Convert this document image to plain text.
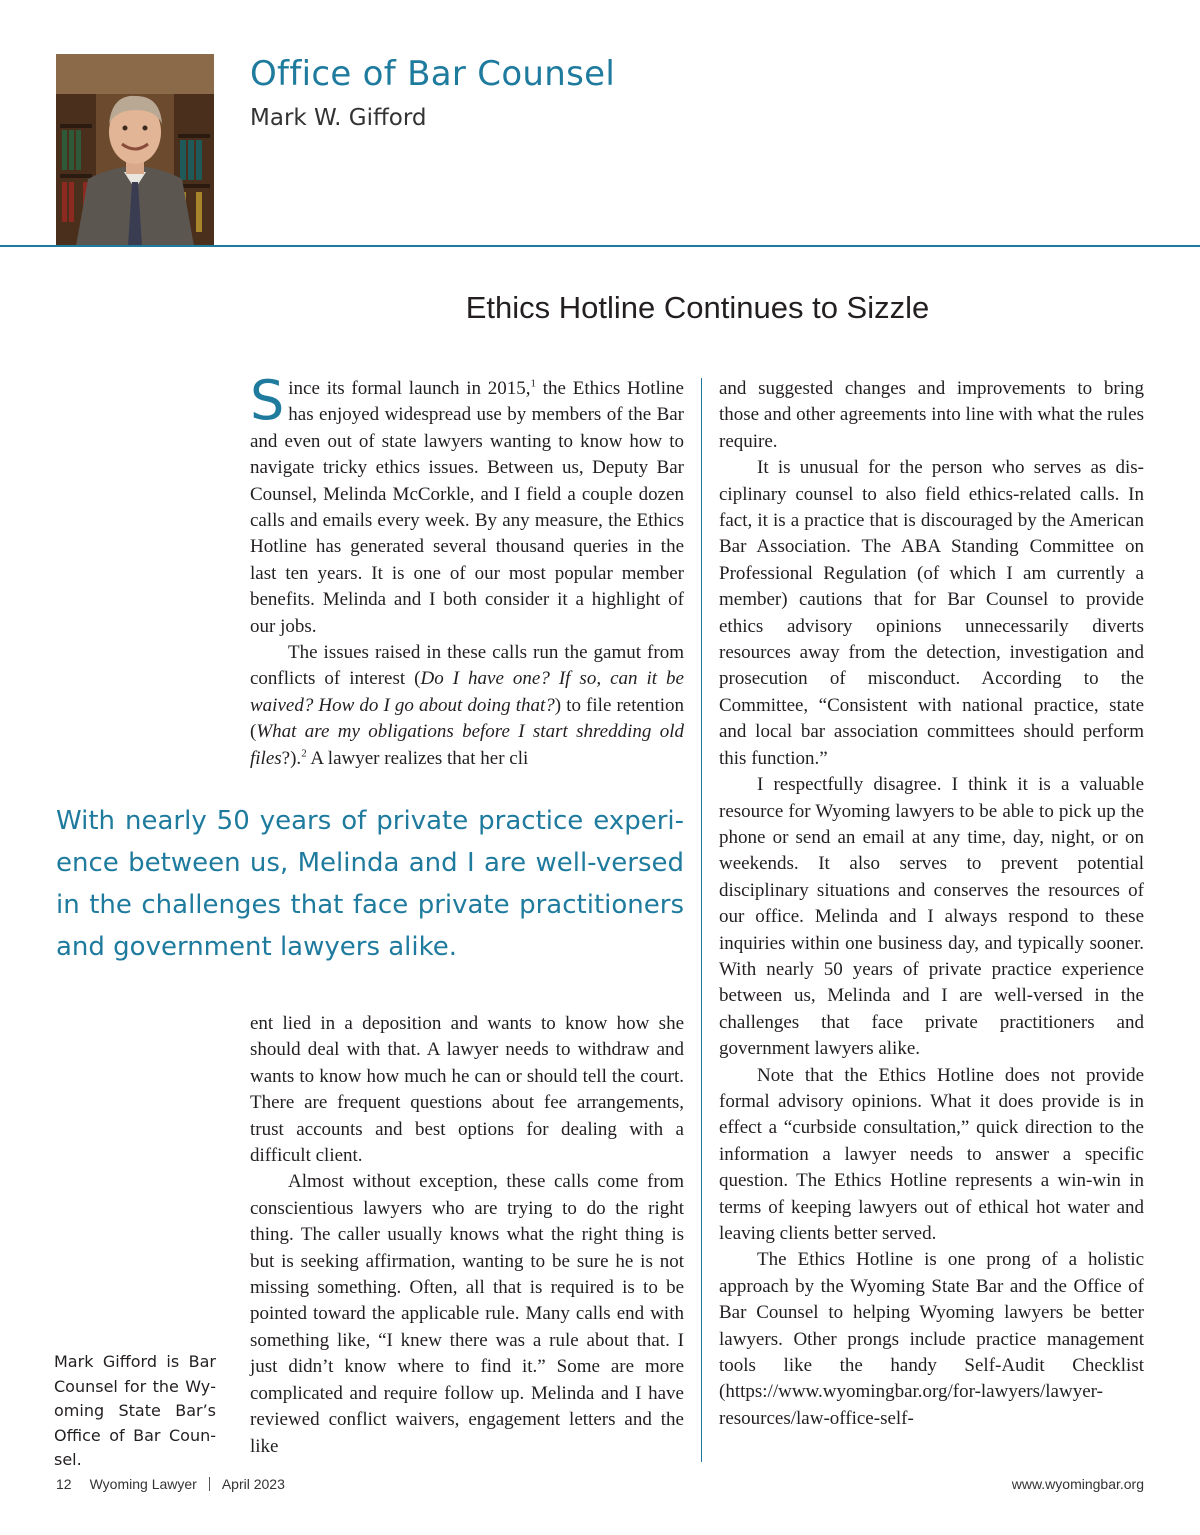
Office of Bar Counsel
Mark W. Gifford
Ethics Hotline Continues to Sizzle

Since its formal launch in 2015,$^1$ the Ethics Hotline has enjoyed widespread use by members of the Bar and even out of state lawyers wanting to know how to navigate tricky ethics issues. Between us, Deputy Bar Counsel, Melinda McCorkle, and I field a couple dozen calls and emails every week. By any measure, the Ethics Hotline has generated several thousand queries in the last ten years. It is one of our most popular member benefits. Melinda and I both consider it a highlight of our jobs.

The issues raised in these calls run the gamut from conflicts of interest (Do I have one? If so, can it be waived? How do I go about doing that?) to file retention (What are my obligations before I start shredding old files?).$^2$ A lawyer realizes that her cli

With nearly 50 years of private practice experience between us, Melinda and I are well-versed in the challenges that face private practitioners and government lawyers alike.

ent lied in a deposition and wants to know how she should deal with that. A lawyer needs to withdraw and wants to know how much he can or should tell the court. There are frequent questions about fee arrangements, trust accounts and best options for dealing with a difficult client.

Almost without exception, these calls come from conscientious lawyers who are trying to do the right thing. The caller usually knows what the right thing is but is seeking affirmation, wanting to be sure he is not missing something. Often, all that is required is to be pointed toward the applicable rule. Many calls end with something like, “I knew there was a rule about that. I just didn’t know where to find it.” Some are more complicated and require follow up. Melinda and I have reviewed conflict waivers, engagement letters and the like

and suggested changes and improvements to bring those and other agreements into line with what the rules require.

It is unusual for the person who serves as disciplinary counsel to also field ethics-related calls. In fact, it is a practice that is discouraged by the American Bar Association. The ABA Standing Committee on Professional Regulation (of which I am currently a member) cautions that for Bar Counsel to provide ethics advisory opinions unnecessarily diverts resources away from the detection, investigation and prosecution of misconduct. According to the Committee, “Consistent with national practice, state and local bar association committees should perform this function.”

I respectfully disagree. I think it is a valuable resource for Wyoming lawyers to be able to pick up the phone or send an email at any time, day, night, or on weekends. It also serves to prevent potential disciplinary situations and conserves the resources of our office. Melinda and I always respond to these inquiries within one business day, and typically sooner. With nearly 50 years of private practice experience between us, Melinda and I are well-versed in the challenges that face private practitioners and government lawyers alike.

Note that the Ethics Hotline does not provide formal advisory opinions. What it does provide is in effect a “curbside consultation,” quick direction to the information a lawyer needs to answer a specific question. The Ethics Hotline represents a win-win in terms of keeping lawyers out of ethical hot water and leaving clients better served.

The Ethics Hotline is one prong of a holistic approach by the Wyoming State Bar and the Office of Bar Counsel to helping Wyoming lawyers be better lawyers. Other prongs include practice management tools like the handy Self-Audit Checklist (https://www.wyomingbar.org/for-lawyers/lawyer-resources/law-office-self-

Mark Gifford is Bar Counsel for the Wyoming State Bar’s Office of Bar Counsel.
12 Wyoming Lawyer April 2023	www.wyomingbar.org
